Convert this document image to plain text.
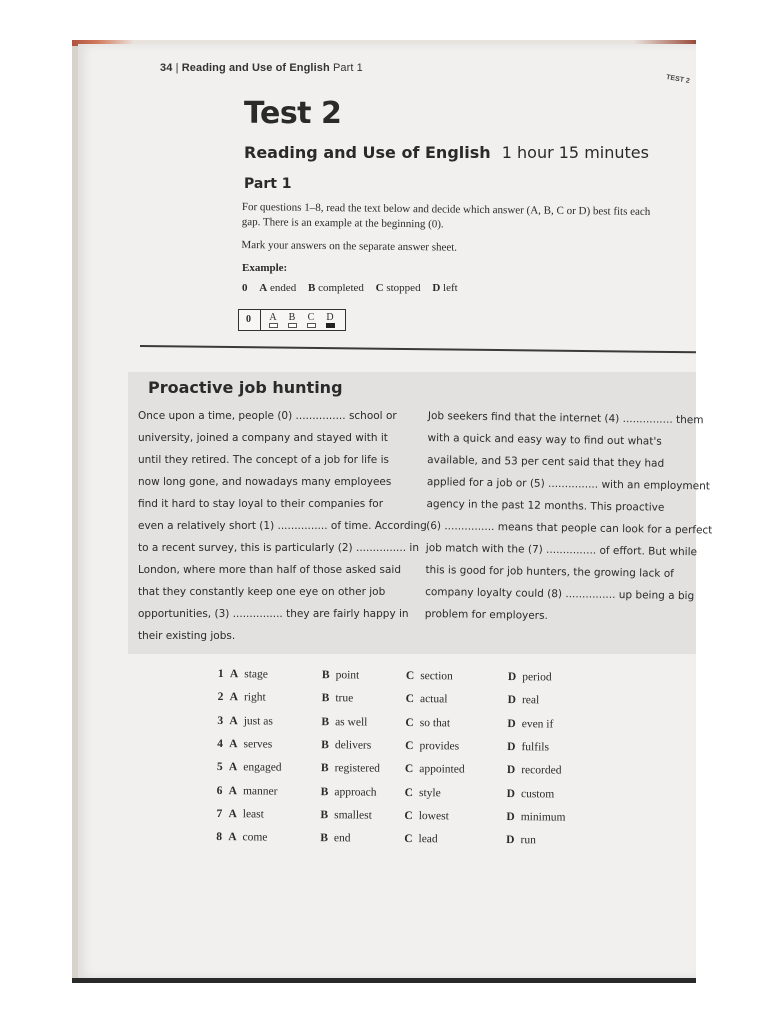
34 | Reading and Use of English Part 1
TEST 2
Test 2
Reading and Use of English 1 hour 15 minutes
Part 1

For questions 1–8, read the text below and decide which answer (A, B, C or D) best fits each
gap. There is an example at the beginning (0).

Mark your answers on the separate answer sheet.

Example:
0 A ended B completed C stopped D left
0 A B C D
Proactive job hunting
Once upon a time, people (0) ............... school or
university, joined a company and stayed with it
until they retired. The concept of a job for life is
now long gone, and nowadays many employees
find it hard to stay loyal to their companies for
even a relatively short (1) ............... of time. According
to a recent survey, this is particularly (2) ............... in
London, where more than half of those asked said
that they constantly keep one eye on other job
opportunities, (3) ............... they are fairly happy in
their existing jobs.
Job seekers find that the internet (4) ............... them
with a quick and easy way to find out what's
available, and 53 per cent said that they had
applied for a job or (5) ............... with an employment
agency in the past 12 months. This proactive
(6) ............... means that people can look for a perfect
job match with the (7) ............... of effort. But while
this is good for job hunters, the growing lack of
company loyalty could (8) ............... up being a big
problem for employers.
1 A stage	B point	C section	D period
2 A right	B true	C actual	D real
3 A just as	B as well	C so that	D even if
4 A serves	B delivers	C provides	D fulfils
5 A engaged	B registered C appointed	D recorded
6 A manner	B approach C style	D custom
7 A least	B smallest	C lowest	D minimum
8 A come	B end	C lead	D run
